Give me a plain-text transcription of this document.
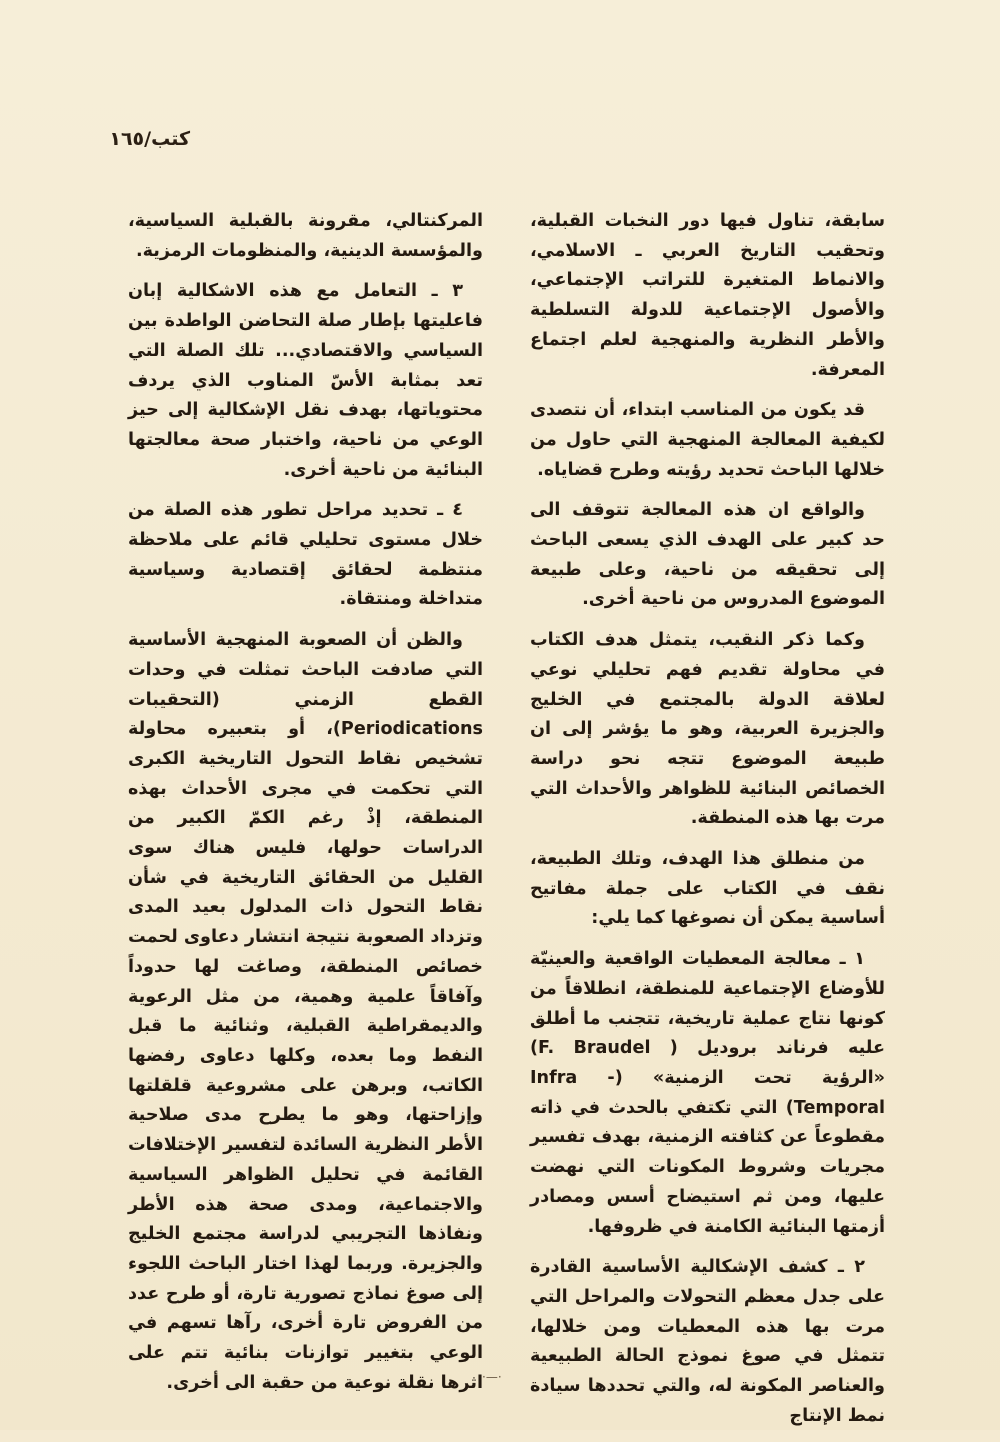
كتب/١٦٥

سابقة، تناول فيها دور النخبات القبلية، وتحقيب التاريخ العربي ـ الاسلامي، والانماط المتغيرة للتراتب الإجتماعي، والأصول الإجتماعية للدولة التسلطية والأطر النظرية والمنهجية لعلم اجتماع المعرفة.

قد يكون من المناسب ابتداء، أن نتصدى لكيفية المعالجة المنهجية التي حاول من خلالها الباحث تحديد رؤيته وطرح قضاياه.

والواقع ان هذه المعالجة تتوقف الى حد كبير على الهدف الذي يسعى الباحث إلى تحقيقه من ناحية، وعلى طبيعة الموضوع المدروس من ناحية أخرى.

وكما ذكر النقيب، يتمثل هدف الكتاب في محاولة تقديم فهم تحليلي نوعي لعلاقة الدولة بالمجتمع في الخليج والجزيرة العربية، وهو ما يؤشر إلى ان طبيعة الموضوع تتجه نحو دراسة الخصائص البنائية للظواهر والأحداث التي مرت بها هذه المنطقة.

من منطلق هذا الهدف، وتلك الطبيعة، نقف في الكتاب على جملة مفاتيح أساسية يمكن أن نصوغها كما يلي:

١ ـ معالجة المعطيات الواقعية والعينيّة للأوضاع الإجتماعية للمنطقة، انطلاقاً من كونها نتاج عملية تاريخية، تتجنب ما أطلق عليه فرناند بروديل ( F. Braudel) «الرؤية تحت الزمنية» (Infra - Temporal) التي تكتفي بالحدث في ذاته مقطوعاً عن كثافته الزمنية، بهدف تفسير مجريات وشروط المكونات التي نهضت عليها، ومن ثم استيضاح أسس ومصادر أزمتها البنائية الكامنة في ظروفها.

٢ ـ كشف الإشكالية الأساسية القادرة على جدل معظم التحولات والمراحل التي مرت بها هذه المعطيات ومن خلالها، تتمثل في صوغ نموذج الحالة الطبيعية والعناصر المكونة له، والتي تحددها سيادة نمط الإنتاج

المركنتالي، مقرونة بالقبلية السياسية، والمؤسسة الدينية، والمنظومات الرمزية.

٣ ـ التعامل مع هذه الاشكالية إبان فاعليتها بإطار صلة التحاضن الواطدة بين السياسي والاقتصادي... تلك الصلة التي تعد بمثابة الأسّ المناوب الذي يردف محتوياتها، بهدف نقل الإشكالية إلى حيز الوعي من ناحية، واختبار صحة معالجتها البنائية من ناحية أخرى.

٤ ـ تحديد مراحل تطور هذه الصلة من خلال مستوى تحليلي قائم على ملاحظة منتظمة لحقائق إقتصادية وسياسية متداخلة ومنتقاة.

والظن أن الصعوبة المنهجية الأساسية التي صادفت الباحث تمثلت في وحدات القطع الزمني (التحقيبات Periodications)، أو بتعبيره محاولة تشخيص نقاط التحول التاريخية الكبرى التي تحكمت في مجرى الأحداث بهذه المنطقة، إذْ رغم الكمّ الكبير من الدراسات حولها، فليس هناك سوى القليل من الحقائق التاريخية في شأن نقاط التحول ذات المدلول بعيد المدى وتزداد الصعوبة نتيجة انتشار دعاوى لحمت خصائص المنطقة، وصاغت لها حدوداً وآفاقاً علمية وهمية، من مثل الرعوية والديمقراطية القبلية، وثنائية ما قبل النفط وما بعده، وكلها دعاوى رفضها الكاتب، وبرهن على مشروعية قلقلتها وإزاحتها، وهو ما يطرح مدى صلاحية الأطر النظرية السائدة لتفسير الإختلافات القائمة في تحليل الظواهر السياسية والاجتماعية، ومدى صحة هذه الأطر ونفاذها التجريبي لدراسة مجتمع الخليج والجزيرة. وربما لهذا اختار الباحث اللجوء إلى صوغ نماذج تصورية تارة، أو طرح عدد من الفروض تارة أخرى، رآها تسهم في الوعي بتغيير توازنات بنائية تتم على اثرها نقلة نوعية من حقبة الى أخرى. ·—·
